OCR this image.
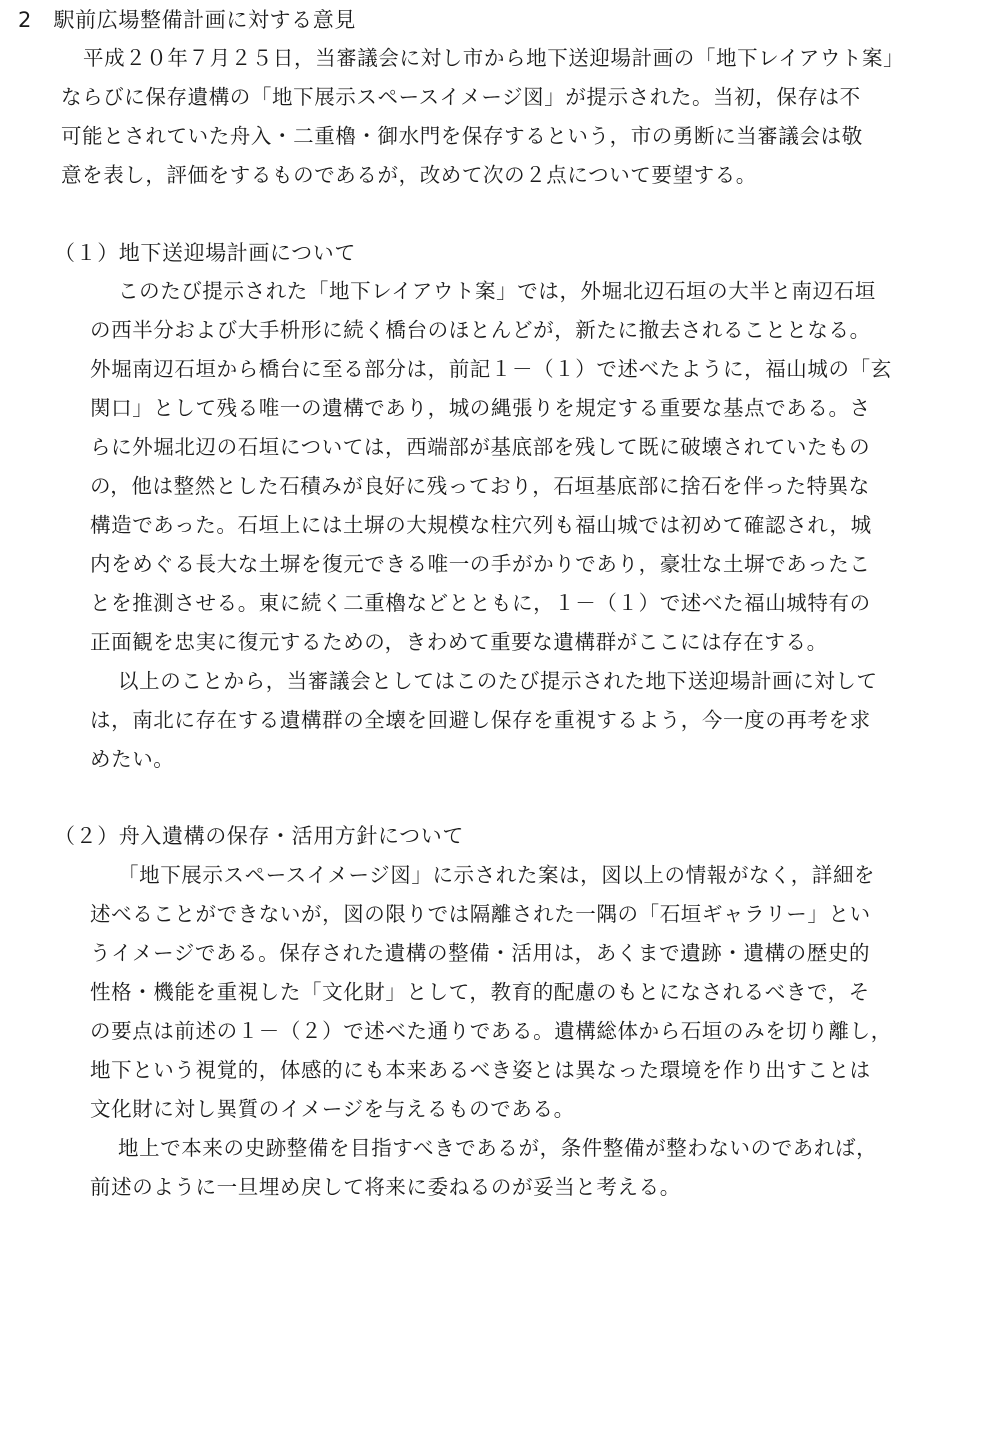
2　駅前広場整備計画に対する意見
平成２０年７月２５日，当審議会に対し市から地下送迎場計画の「地下レイアウト案」
ならびに保存遺構の「地下展示スペースイメージ図」が提示された。当初，保存は不
可能とされていた舟入・二重櫓・御水門を保存するという，市の勇断に当審議会は敬
意を表し，評価をするものであるが，改めて次の２点について要望する。
（１）地下送迎場計画について
このたび提示された「地下レイアウト案」では，外堀北辺石垣の大半と南辺石垣
の西半分および大手枡形に続く橋台のほとんどが，新たに撤去されることとなる。
外堀南辺石垣から橋台に至る部分は，前記１－（１）で述べたように，福山城の「玄
関口」として残る唯一の遺構であり，城の縄張りを規定する重要な基点である。さ
らに外堀北辺の石垣については，西端部が基底部を残して既に破壊されていたもの
の，他は整然とした石積みが良好に残っており，石垣基底部に捨石を伴った特異な
構造であった。石垣上には土塀の大規模な柱穴列も福山城では初めて確認され，城
内をめぐる長大な土塀を復元できる唯一の手がかりであり，豪壮な土塀であったこ
とを推測させる。東に続く二重櫓などとともに，１－（１）で述べた福山城特有の
正面観を忠実に復元するための，きわめて重要な遺構群がここには存在する。
以上のことから，当審議会としてはこのたび提示された地下送迎場計画に対して
は，南北に存在する遺構群の全壊を回避し保存を重視するよう，今一度の再考を求
めたい。
（２）舟入遺構の保存・活用方針について
「地下展示スペースイメージ図」に示された案は，図以上の情報がなく，詳細を
述べることができないが，図の限りでは隔離された一隅の「石垣ギャラリー」とい
うイメージである。保存された遺構の整備・活用は，あくまで遺跡・遺構の歴史的
性格・機能を重視した「文化財」として，教育的配慮のもとになされるべきで，そ
の要点は前述の１－（２）で述べた通りである。遺構総体から石垣のみを切り離し，
地下という視覚的，体感的にも本来あるべき姿とは異なった環境を作り出すことは
文化財に対し異質のイメージを与えるものである。
地上で本来の史跡整備を目指すべきであるが，条件整備が整わないのであれば，
前述のように一旦埋め戻して将来に委ねるのが妥当と考える。
